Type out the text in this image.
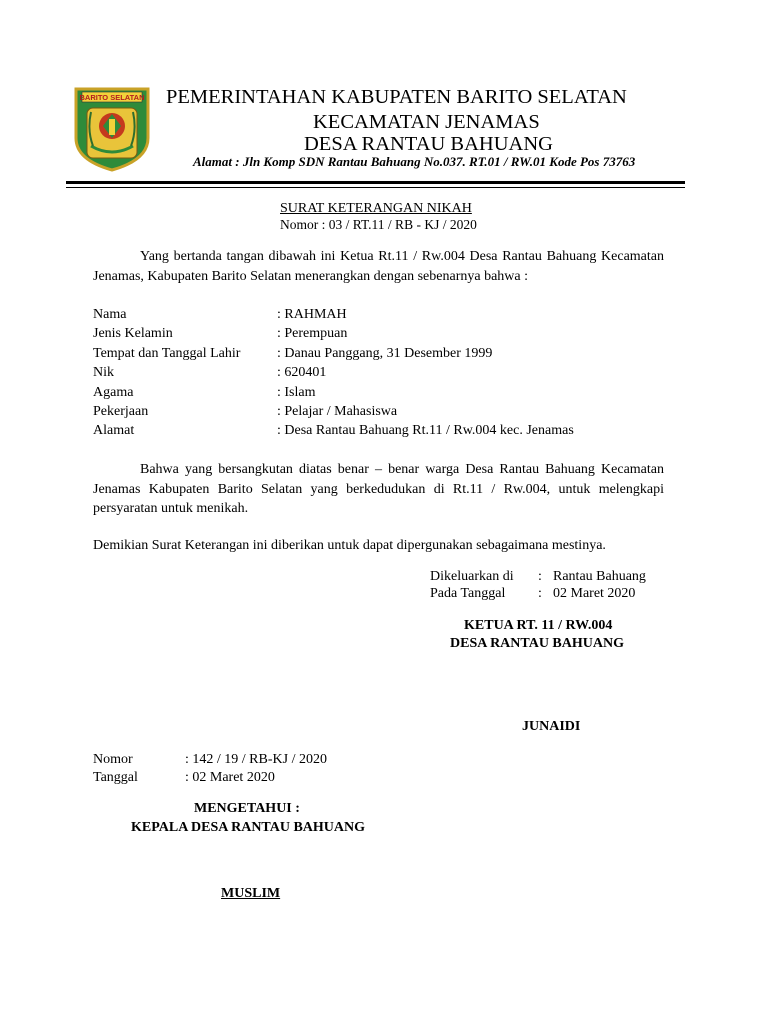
BARITO SELATAN PEMERINTAHAN KABUPATEN BARITO SELATAN
KECAMATAN JENAMAS
DESA RANTAU BAHUANG
Alamat : Jln Komp SDN Rantau Bahuang No.037. RT.01 / RW.01 Kode Pos 73763
SURAT KETERANGAN NIKAH
Nomor : 03 / RT.11 / RB - KJ / 2020
Yang bertanda tangan dibawah ini Ketua Rt.11 / Rw.004 Desa Rantau Bahuang Kecamatan Jenamas, Kabupaten Barito Selatan menerangkan dengan sebenarnya bahwa :
Nama	: RAHMAH
Jenis Kelamin	: Perempuan
Tempat dan Tanggal Lahir	: Danau Panggang, 31 Desember 1999
Nik	: 620401
Agama	: Islam
Pekerjaan	: Pelajar / Mahasiswa
Alamat	: Desa Rantau Bahuang Rt.11 / Rw.004 kec. Jenamas
Bahwa yang bersangkutan diatas benar – benar warga Desa Rantau Bahuang Kecamatan Jenamas Kabupaten Barito Selatan yang berkedudukan di Rt.11 / Rw.004, untuk melengkapi persyaratan untuk menikah.
Demikian Surat Keterangan ini diberikan untuk dapat dipergunakan sebagaimana mestinya.
Dikeluarkan di : Rantau Bahuang
Pada Tanggal : 02 Maret 2020
KETUA RT. 11 / RW.004
DESA RANTAU BAHUANG
JUNAIDI
Nomor	: 142 / 19 / RB-KJ / 2020
Tanggal	: 02 Maret 2020
MENGETAHUI :
KEPALA DESA RANTAU BAHUANG
MUSLIM
